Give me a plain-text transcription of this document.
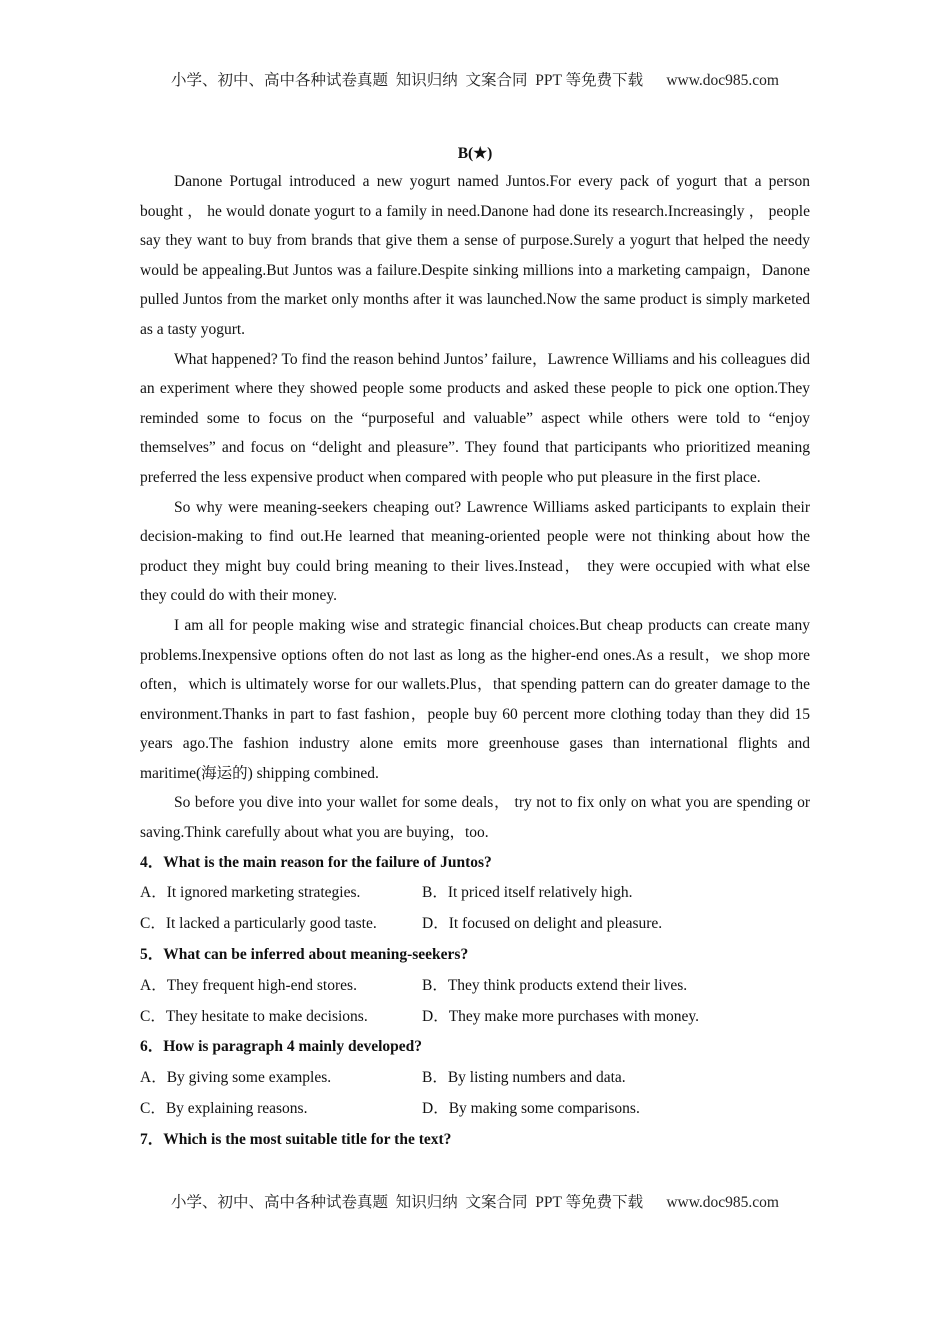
小学、初中、高中各种试卷真题  知识归纳  文案合同  PPT 等免费下载      www.doc985.com
B(★)

Danone Portugal introduced a new yogurt named Juntos.For every pack of yogurt that a person bought ， he would donate yogurt to a family in need.Danone had done its research.Increasingly ， people say they want to buy from brands that give them a sense of purpose.Surely a yogurt that helped the needy would be appealing.But Juntos was a failure.Despite sinking millions into a marketing campaign，Danone pulled Juntos from the market only months after it was launched.Now the same product is simply marketed as a tasty yogurt.

What happened? To find the reason behind Juntos’ failure，Lawrence Williams and his colleagues did an experiment where they showed people some products and asked these people to pick one option.They reminded some to focus on the “purposeful and valuable” aspect while others were told to “enjoy themselves” and focus on “delight and pleasure”. They found that participants who prioritized meaning preferred the less expensive product when compared with people who put pleasure in the first place.

So why were meaning-seekers cheaping out? Lawrence Williams asked participants to explain their decision-making to find out.He learned that meaning-oriented people were not thinking about how the product they might buy could bring meaning to their lives.Instead， they were occupied with what else they could do with their money.

I am all for people making wise and strategic financial choices.But cheap products can create many problems.Inexpensive options often do not last as long as the higher-end ones.As a result，we shop more often，which is ultimately worse for our wallets.Plus，that spending pattern can do greater damage to the environment.Thanks in part to fast fashion，people buy 60 percent more clothing today than they did 15 years ago.The fashion industry alone emits more greenhouse gases than international flights and maritime(海运的) shipping combined.

So before you dive into your wallet for some deals， try not to fix only on what you are spending or saving.Think carefully about what you are buying，too.

4．What is the main reason for the failure of Juntos?
A．It ignored marketing strategies.	B．It priced itself relatively high.
C．It lacked a particularly good taste.	D．It focused on delight and pleasure.
5．What can be inferred about meaning-seekers?
A．They frequent high-end stores.	B．They think products extend their lives.
C．They hesitate to make decisions.	D．They make more purchases with money.
6．How is paragraph 4 mainly developed?
A．By giving some examples.	B．By listing numbers and data.
C．By explaining reasons.	D．By making some comparisons.
7．Which is the most suitable title for the text?
小学、初中、高中各种试卷真题  知识归纳  文案合同  PPT 等免费下载      www.doc985.com
